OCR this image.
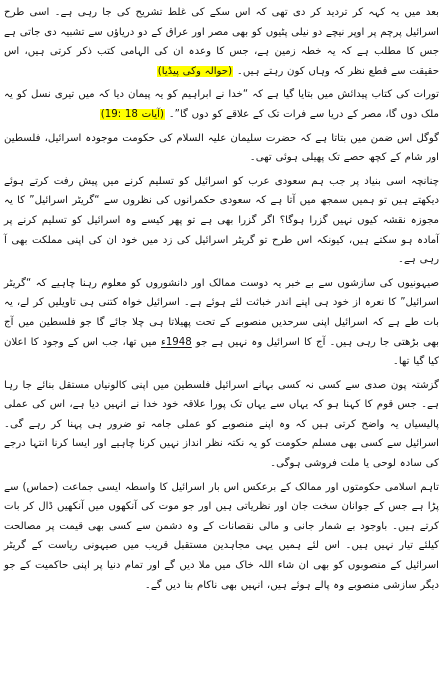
بعد میں یہ کہہ کر تردید کر دی تھی کہ اس سکے کی غلط تشریح کی جا رہی ہے۔ اسی طرح اسرائیل پرچم پر اوپر نیچے دو نیلی پٹیوں کو بھی مصر اور عراق کے دو دریاؤں سے تشبیہ دی جاتی ہے جس کا مطلب ہے کہ یہ خطہ زمین ہے، جس کا وعدہ ان کی الہامی کتب ذکر کرتی ہیں، اس حقیقت سے قطع نظر کہ وہاں کون رہتے ہیں۔ (حوالہ وکی پیڈیا)

تورات کی کتاب پیدائش میں بتایا گیا ہے کہ “خدا نے ابراہیم کو یہ پیمان دیا کہ میں تیری نسل کو یہ ملک دوں گا، مصر کے دریا سے فرات تک کے علاقے کو دوں گا”۔ (آیات 18 :19)

گوگل اس ضمن میں بتاتا ہے کہ حضرت سلیمان علیہ السلام کی حکومت موجودہ اسرائیل، فلسطین اور شام کے کچھ حصے تک پھیلی ہوئی تھی۔

چنانچہ اسی بنیاد پر جب ہم سعودی عرب کو اسرائیل کو تسلیم کرنے میں پیش رفت کرتے ہوئے دیکھتے ہیں تو ہمیں سمجھ میں آتا ہے کہ سعودی حکمرانوں کی نظروں سے “گریٹر اسرائیل” کا یہ مجوزہ نقشہ کیوں نہیں گزرا ہوگا؟ اگر گزرا بھی ہے تو پھر کیسے وہ اسرائیل کو تسلیم کرنے پر آمادہ ہو سکتے ہیں، کیونکہ اس طرح تو گریٹر اسرائیل کی زد میں خود ان کی اپنی مملکت بھی آ رہی ہے۔

صیہونیوں کی سازشوں سے بے خبر یہ دوست ممالک اور دانشوروں کو معلوم رہنا چاہیے کہ “گریٹر اسرائیل” کا نعرہ از خود ہی اپنے اندر خباثت لئے ہوئے ہے۔ اسرائیل خواہ کتنی ہی تاویلیں کر لے، یہ بات طے ہے کہ اسرائیل اپنی سرحدیں منصوبے کے تحت پھیلاتا ہی چلا جائے گا جو فلسطین میں آج بھی بڑھتی جا رہی ہیں۔ آج کا اسرائیل وہ نہیں ہے جو 1948ء میں تھا، جب اس کے وجود کا اعلان کیا گیا تھا۔

گزشتہ پون صدی سے کسی نہ کسی بہانے اسرائیل فلسطین میں اپنی کالونیاں مستقل بنائے جا رہا ہے۔ جس قوم کا کہنا ہو کہ یہاں سے یہاں تک پورا علاقہ خود خدا نے انہیں دیا ہے، اس کی عملی پالیسیاں یہ واضح کرتی ہیں کہ وہ اپنے منصوبے کو عملی جامہ تو ضرور ہی پہنا کر رہے گی۔ اسرائیل سے کسی بھی مسلم حکومت کو یہ نکتہ نظر انداز نہیں کرنا چاہیے اور ایسا کرنا انتہا درجے کی سادہ لوحی یا ملت فروشی ہوگی۔

تاہم اسلامی حکومتوں اور ممالک کے برعکس اس بار اسرائیل کا واسطہ ایسی جماعت (حماس) سے پڑا ہے جس کے جوانان سخت جان اور نظریاتی ہیں اور جو موت کی آنکھوں میں آنکھیں ڈال کر بات کرتے ہیں۔ باوجود بے شمار جانی و مالی نقصانات کے وہ دشمن سے کسی بھی قیمت پر مصالحت کیلئے تیار نہیں ہیں۔ اس لئے ہمیں یہی مجاہدین مستقبل قریب میں صیہونی ریاست کے گریٹر اسرائیل کے منصوبوں کو بھی ان شاء اللہ خاک میں ملا دیں گے اور تمام دنیا پر اپنی حاکمیت کے جو دیگر سازشی منصوبے وہ پالے ہوئے ہیں، انہیں بھی ناکام بنا دیں گے۔
